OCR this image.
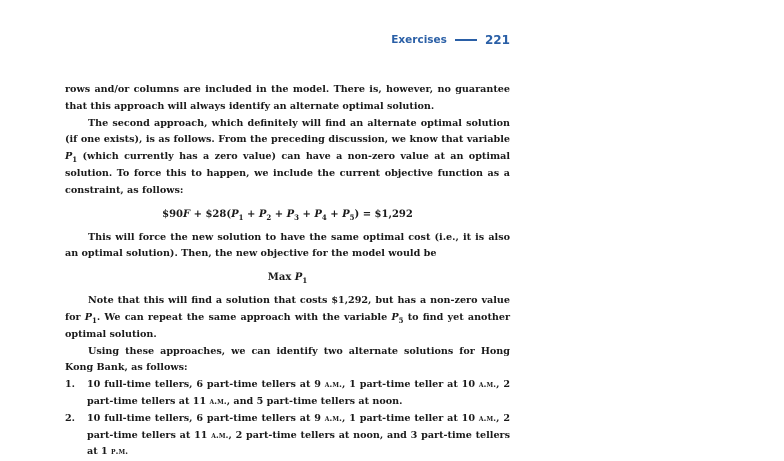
Exercises	221

rows and/or columns are included in the model. There is, however, no guarantee that this approach will always identify an alternate optimal solution.

The second approach, which definitely will find an alternate optimal solution (if one exists), is as follows. From the preceding discussion, we know that variable $P_1$ (which currently has a zero value) can have a non-zero value at an optimal solution. To force this to happen, we include the current objective function as a constraint, as follows:

$90F + $\$28(P_1 + P_2 + P_3 + P_4 + P_5)$ = $1,292

This will force the new solution to have the same optimal cost (i.e., it is also an optimal solution). Then, the new objective for the model would be

Max $P_1$

Note that this will find a solution that costs $1,292, but has a non-zero value for $P_1$. We can repeat the same approach with the variable $P_5$ to find yet another optimal solution.

Using these approaches, we can identify two alternate solutions for Hong Kong Bank, as follows:

1. 10 full-time tellers, 6 part-time tellers at 9 a.m., 1 part-time teller at 10 a.m., 2 part-time tellers at 11 a.m., and 5 part-time tellers at noon.
2. 10 full-time tellers, 6 part-time tellers at 9 a.m., 1 part-time teller at 10 a.m., 2 part-time tellers at 11 a.m., 2 part-time tellers at noon, and 3 part-time tellers at 1 p.m.
